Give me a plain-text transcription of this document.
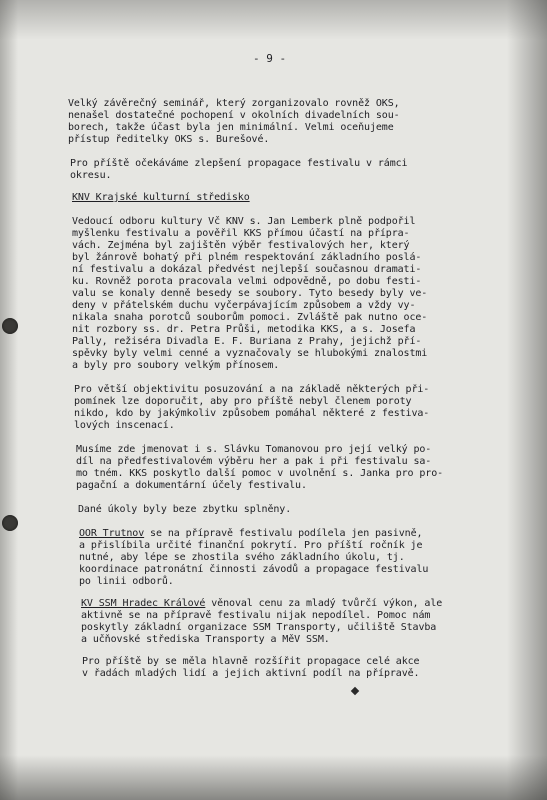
- 9 -
Velký závěrečný seminář, který zorganizovalo rovněž OKS,
nenašel dostatečné pochopení v okolních divadelních sou-
borech, takže účast byla jen minimální. Velmi oceňujeme
přístup ředitelky OKS s. Burešové.
Pro příště očekáváme zlepšení propagace festivalu v rámci
okresu.
KNV Krajské kulturní středisko
Vedoucí odboru kultury Vč KNV s. Jan Lemberk plně podpořil
myšlenku festivalu a pověřil KKS přímou účastí na přípra-
vách. Zejména byl zajištěn výběr festivalových her, který
byl žánrově bohatý při plném respektování základního poslá-
ní festivalu a dokázal předvést nejlepší současnou dramati-
ku. Rovněž porota pracovala velmi odpovědně, po dobu festi-
valu se konaly denně besedy se soubory. Tyto besedy byly ve-
deny v přátelském duchu vyčerpávajícím způsobem a vždy vy-
nikala snaha porotců souborům pomoci. Zvláště pak nutno oce-
nit rozbory ss. dr. Petra Průši, metodika KKS, a s. Josefa
Pally, režiséra Divadla E. F. Buriana z Prahy, jejichž pří-
spěvky byly velmi cenné a vyznačovaly se hlubokými znalostmi
a byly pro soubory velkým přínosem.
Pro větší objektivitu posuzování a na základě některých při-
pomínek lze doporučit, aby pro příště nebyl členem poroty
nikdo, kdo by jakýmkoliv způsobem pomáhal některé z festiva-
lových inscenací.
Musíme zde jmenovat i s. Slávku Tomanovou pro její velký po-
díl na předfestivalovém výběru her a pak i při festivalu sa-
mo tném. KKS poskytlo další pomoc v uvolnění s. Janka pro pro-
pagační a dokumentární účely festivalu.
Dané úkoly byly beze zbytku splněny.
OOR Trutnov se na přípravě festivalu podílela jen pasivně,
a přislíbila určité finanční pokrytí. Pro příští ročník je
nutné, aby lépe se zhostila svého základního úkolu, tj.
koordinace patronátní činnosti závodů a propagace festivalu
po linii odborů.
KV SSM Hradec Králové věnoval cenu za mladý tvůrčí výkon, ale
aktivně se na přípravě festivalu nijak nepodílel. Pomoc nám
poskytly základní organizace SSM Transporty, učiliště Stavba
a učňovské střediska Transporty a MěV SSM.
Pro příště by se měla hlavně rozšířit propagace celé akce
v řadách mladých lidí a jejich aktivní podíl na přípravě.
